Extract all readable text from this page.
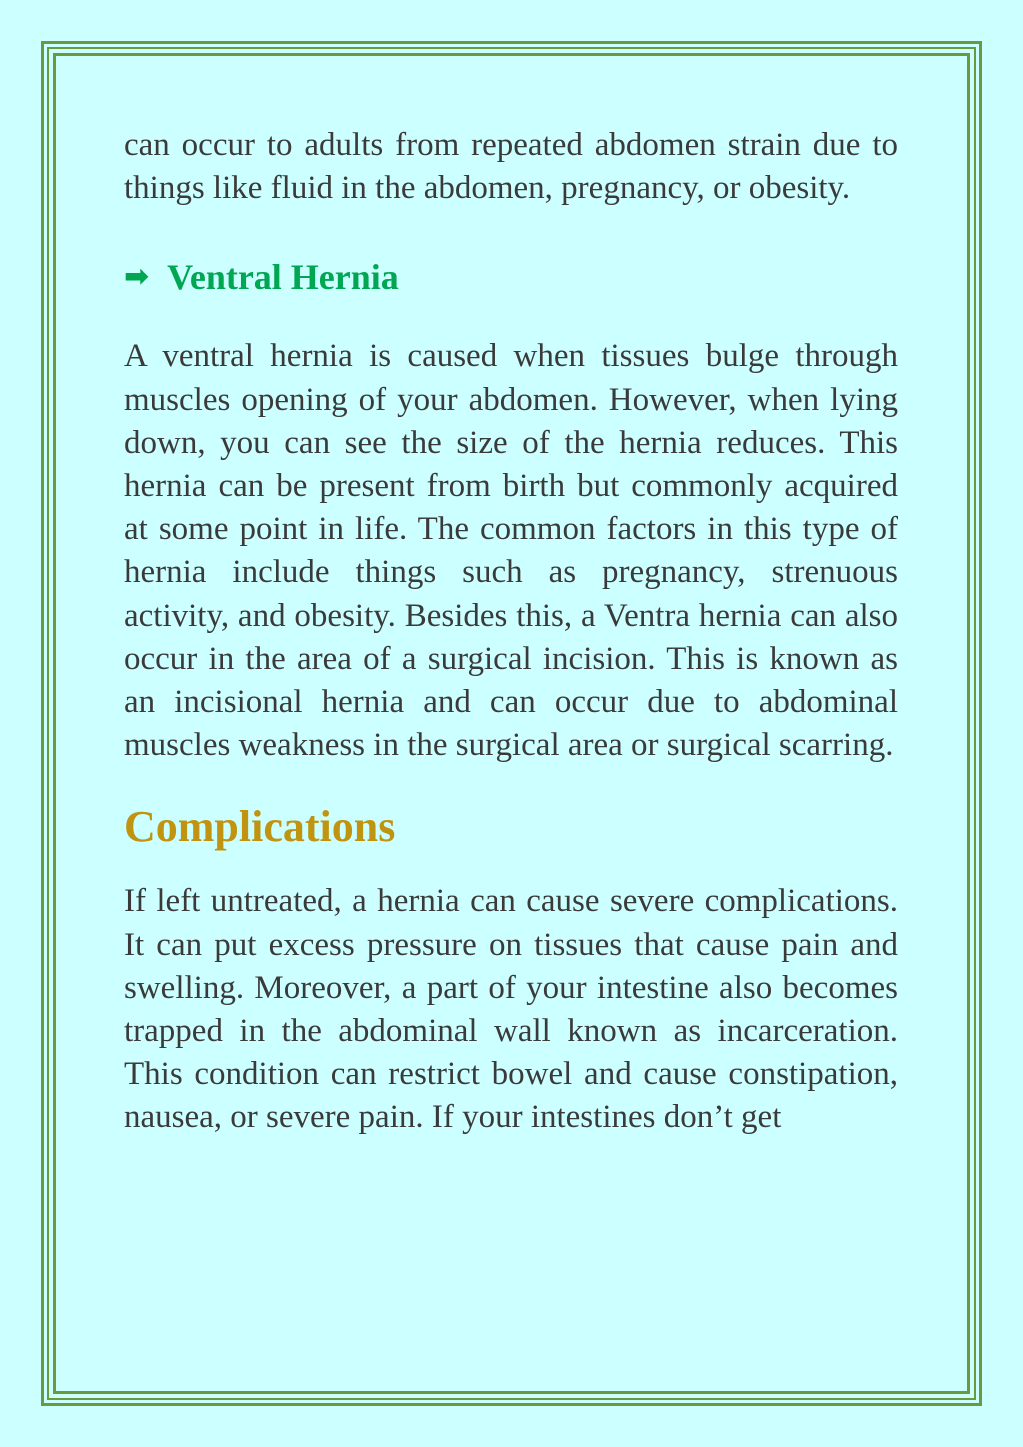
can occur to adults from repeated abdomen strain due to things like fluid in the abdomen, pregnancy, or obesity.

➡ Ventral Hernia

A ventral hernia is caused when tissues bulge through muscles opening of your abdomen. However, when lying down, you can see the size of the hernia reduces. This hernia can be present from birth but commonly acquired at some point in life. The common factors in this type of hernia include things such as pregnancy, strenuous activity, and obesity. Besides this, a Ventra hernia can also occur in the area of a surgical incision. This is known as an incisional hernia and can occur due to abdominal muscles weakness in the surgical area or surgical scarring.

Complications

If left untreated, a hernia can cause severe complications. It can put excess pressure on tissues that cause pain and swelling. Moreover, a part of your intestine also becomes trapped in the abdominal wall known as incarceration. This condition can restrict bowel and cause constipation, nausea, or severe pain. If your intestines don’t get
